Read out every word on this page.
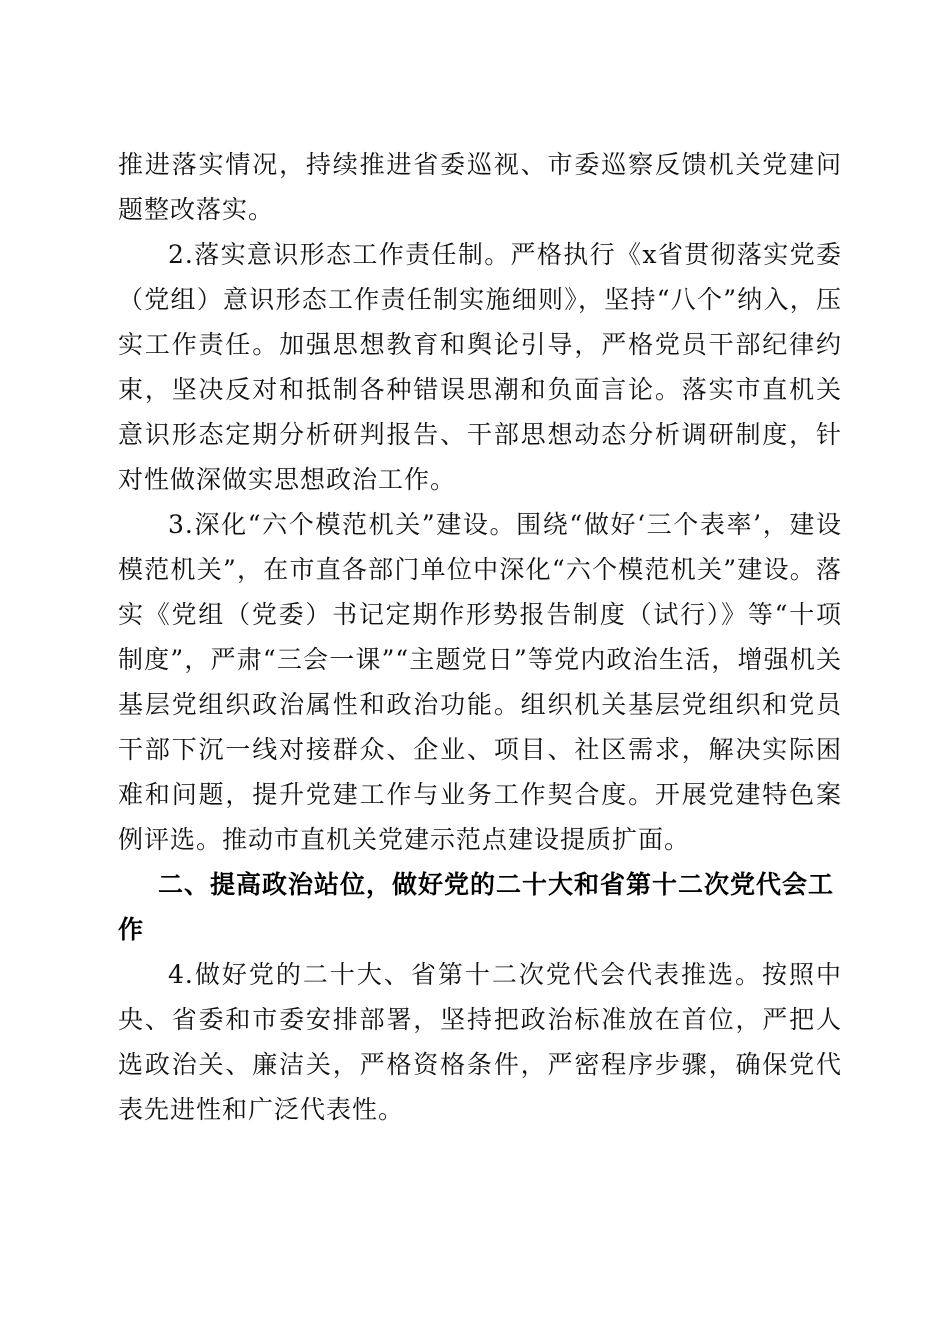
推进落实情况，持续推进省委巡视、市委巡察反馈机关党建问题整改落实。

2.落实意识形态工作责任制。严格执行《x省贯彻落实党委（党组）意识形态工作责任制实施细则》，坚持“八个”纳入，压实工作责任。加强思想教育和舆论引导，严格党员干部纪律约束，坚决反对和抵制各种错误思潮和负面言论。落实市直机关意识形态定期分析研判报告、干部思想动态分析调研制度，针对性做深做实思想政治工作。

3.深化“六个模范机关”建设。围绕“做好‘三个表率’，建设模范机关”，在市直各部门单位中深化“六个模范机关”建设。落实《党组（党委）书记定期作形势报告制度（试行）》等“十项制度”，严肃“三会一课”“主题党日”等党内政治生活，增强机关基层党组织政治属性和政治功能。组织机关基层党组织和党员干部下沉一线对接群众、企业、项目、社区需求，解决实际困难和问题，提升党建工作与业务工作契合度。开展党建特色案例评选。推动市直机关党建示范点建设提质扩面。

二、提高政治站位，做好党的二十大和省第十二次党代会工作

4.做好党的二十大、省第十二次党代会代表推选。按照中央、省委和市委安排部署，坚持把政治标准放在首位，严把人选政治关、廉洁关，严格资格条件，严密程序步骤，确保党代表先进性和广泛代表性。
